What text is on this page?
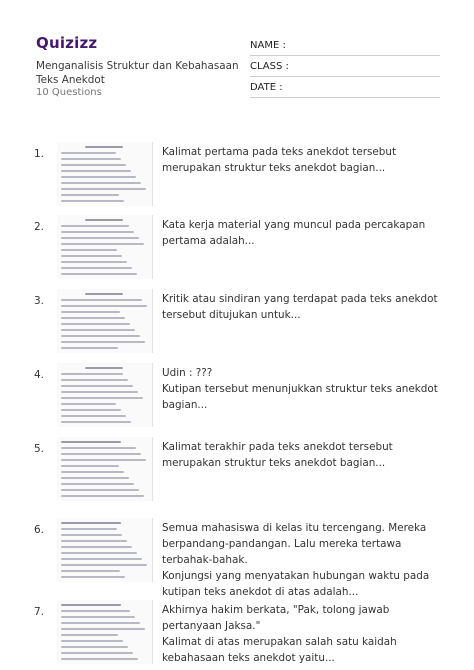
Quizizz
Menganalisis Struktur dan Kebahasaan Teks Anekdot
10 Questions
NAME :
CLASS :
DATE :
1.	Kalimat pertama pada teks anekdot tersebut merupakan struktur teks anekdot bagian...
2.	Kata kerja material yang muncul pada percakapan pertama adalah...
3.	Kritik atau sindiran yang terdapat pada teks anekdot tersebut ditujukan untuk...
4.	Udin : ???
Kutipan tersebut menunjukkan struktur teks anekdot bagian...
5.	Kalimat terakhir pada teks anekdot tersebut merupakan struktur teks anekdot bagian...
6.	Semua mahasiswa di kelas itu tercengang. Mereka berpandang-pandangan. Lalu mereka tertawa terbahak-bahak.
Konjungsi yang menyatakan hubungan waktu pada kutipan teks anekdot di atas adalah...
7.	Akhirnya hakim berkata, "Pak, tolong jawab pertanyaan Jaksa."
Kalimat di atas merupakan salah satu kaidah kebahasaan teks anekdot yaitu...
